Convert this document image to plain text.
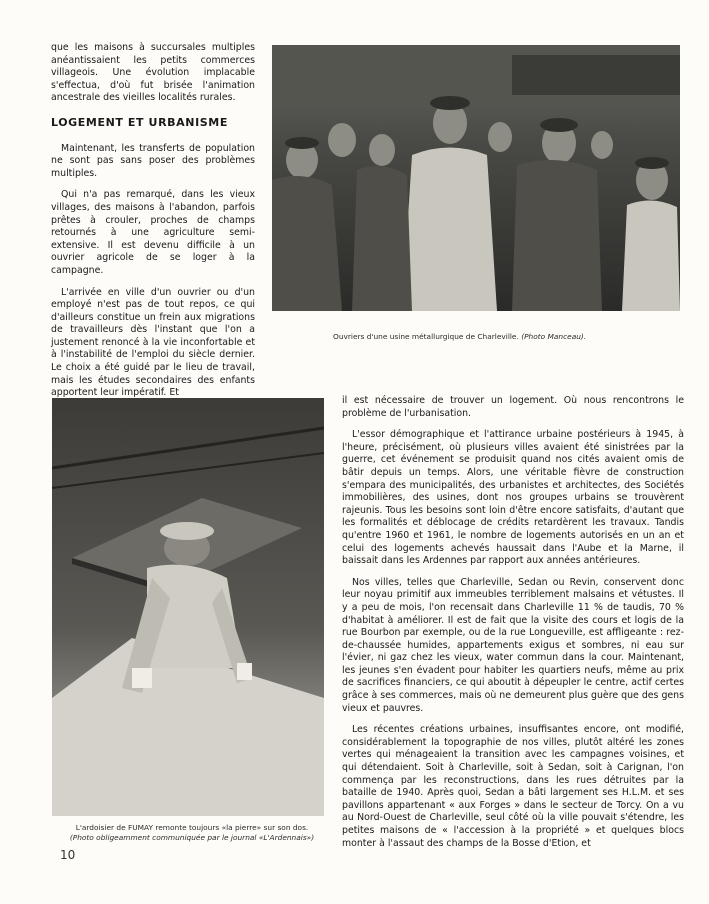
que les maisons à succursales multiples anéantissaient les petits commerces villageois. Une évolution implacable s'effectua, d'où fut brisée l'animation ancestrale des vieilles localités rurales.

LOGEMENT ET URBANISME

Maintenant, les transferts de population ne sont pas sans poser des problèmes multiples.

Qui n'a pas remarqué, dans les vieux villages, des maisons à l'abandon, parfois prêtes à crouler, proches de champs retournés à une agriculture semi-extensive. Il est devenu difficile à un ouvrier agricole de se loger à la campagne.

L'arrivée en ville d'un ouvrier ou d'un employé n'est pas de tout repos, ce qui d'ailleurs constitue un frein aux migrations de travailleurs dès l'instant que l'on a justement renoncé à la vie inconfortable et à l'instabilité de l'emploi du siècle dernier. Le choix a été guidé par le lieu de travail, mais les études secondaires des enfants apportent leur impératif. Et

Ouvriers d'une usine métallurgique de Charleville. (Photo Manceau).
L'ardoisier de FUMAY remonte toujours «la pierre» sur son dos.
(Photo obligeamment communiquée par le journal «L'Ardennais»)

il est nécessaire de trouver un logement. Où nous rencontrons le problème de l'urbanisation.

L'essor démographique et l'attirance urbaine postérieurs à 1945, à l'heure, précisément, où plusieurs villes avaient été sinistrées par la guerre, cet événement se produisit quand nos cités avaient omis de bâtir depuis un temps. Alors, une véritable fièvre de construction s'empara des municipalités, des urbanistes et architectes, des Sociétés immobilières, des usines, dont nos groupes urbains se trouvèrent rajeunis. Tous les besoins sont loin d'être encore satisfaits, d'autant que les formalités et déblocage de crédits retardèrent les travaux. Tandis qu'entre 1960 et 1961, le nombre de logements autorisés en un an et celui des logements achevés haussait dans l'Aube et la Marne, il baissait dans les Ardennes par rapport aux années antérieures.

Nos villes, telles que Charleville, Sedan ou Revin, conservent donc leur noyau primitif aux immeubles terriblement malsains et vétustes. Il y a peu de mois, l'on recensait dans Charleville 11 % de taudis, 70 % d'habitat à améliorer. Il est de fait que la visite des cours et logis de la rue Bourbon par exemple, ou de la rue Longueville, est affligeante : rez-de-chaussée humides, appartements exigus et sombres, ni eau sur l'évier, ni gaz chez les vieux, water commun dans la cour. Maintenant, les jeunes s'en évadent pour habiter les quartiers neufs, même au prix de sacrifices financiers, ce qui aboutit à dépeupler le centre, actif certes grâce à ses commerces, mais où ne demeurent plus guère que des gens vieux et pauvres.

Les récentes créations urbaines, insuffisantes encore, ont modifié, considérablement la topographie de nos villes, plutôt altéré les zones vertes qui ménageaient la transition avec les campagnes voisines, et qui détendaient. Soit à Charleville, soit à Sedan, soit à Carignan, l'on commença par les reconstructions, dans les rues détruites par la bataille de 1940. Après quoi, Sedan a bâti largement ses H.L.M. et ses pavillons appartenant « aux Forges » dans le secteur de Torcy. On a vu au Nord-Ouest de Charleville, seul côté où la ville pouvait s'étendre, les petites maisons de « l'accession à la propriété » et quelques blocs monter à l'assaut des champs de la Bosse d'Etion, et

10
